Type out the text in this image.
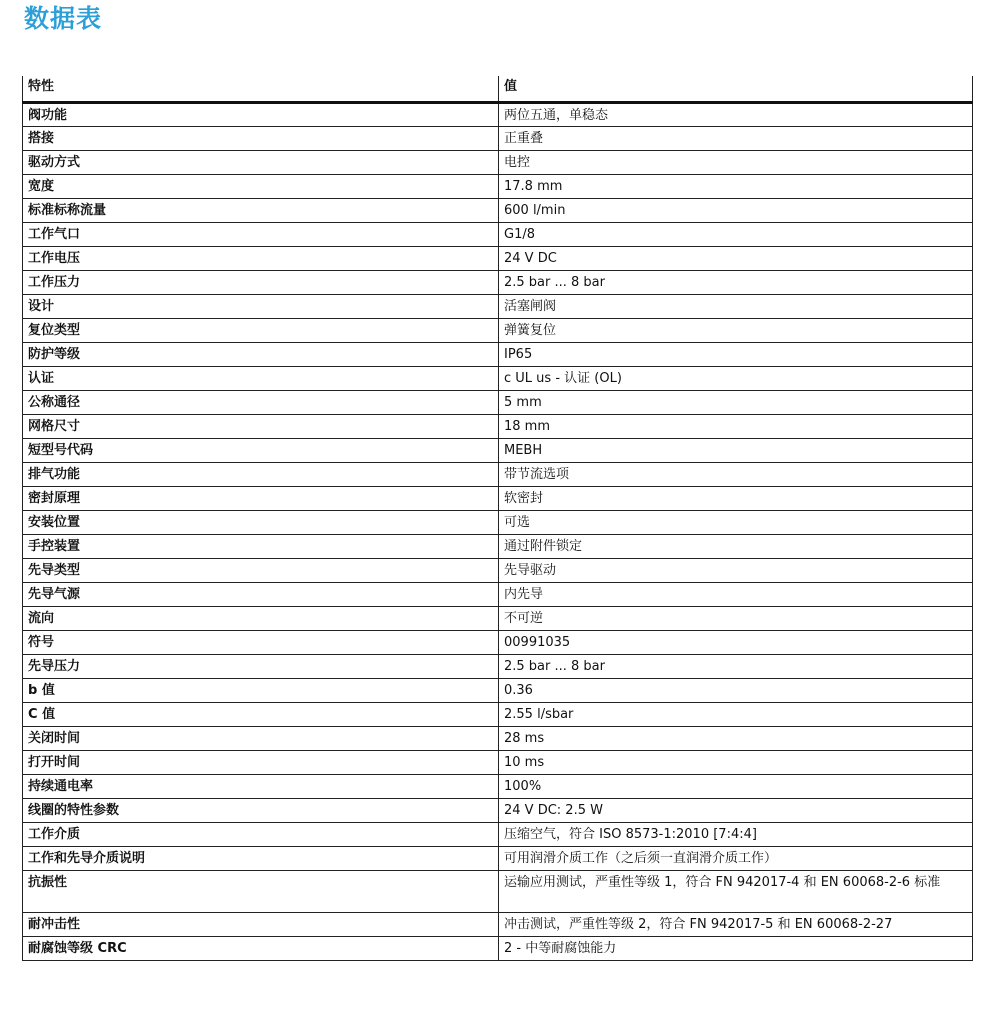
数据表
特性	值
阀功能	两位五通，单稳态
搭接	正重叠
驱动方式	电控
宽度	17.8 mm
标准标称流量	600 l/min
工作气口	G1/8
工作电压	24 V DC
工作压力	2.5 bar ... 8 bar
设计	活塞闸阀
复位类型	弹簧复位
防护等级	IP65
认证	c UL us - 认证 (OL)
公称通径	5 mm
网格尺寸	18 mm
短型号代码	MEBH
排气功能	带节流选项
密封原理	软密封
安装位置	可选
手控装置	通过附件锁定
先导类型	先导驱动
先导气源	内先导
流向	不可逆
符号	00991035
先导压力	2.5 bar ... 8 bar
b 值	0.36
C 值	2.55 l/sbar
关闭时间	28 ms
打开时间	10 ms
持续通电率	100%
线圈的特性参数	24 V DC: 2.5 W
工作介质	压缩空气，符合 ISO 8573-1:2010 [7:4:4]
工作和先导介质说明	可用润滑介质工作（之后须一直润滑介质工作）
抗振性	运输应用测试，严重性等级 1，符合 FN 942017-4 和 EN 60068-2-6 标准
耐冲击性	冲击测试，严重性等级 2，符合 FN 942017-5 和 EN 60068-2-27
耐腐蚀等级 CRC	2 - 中等耐腐蚀能力
